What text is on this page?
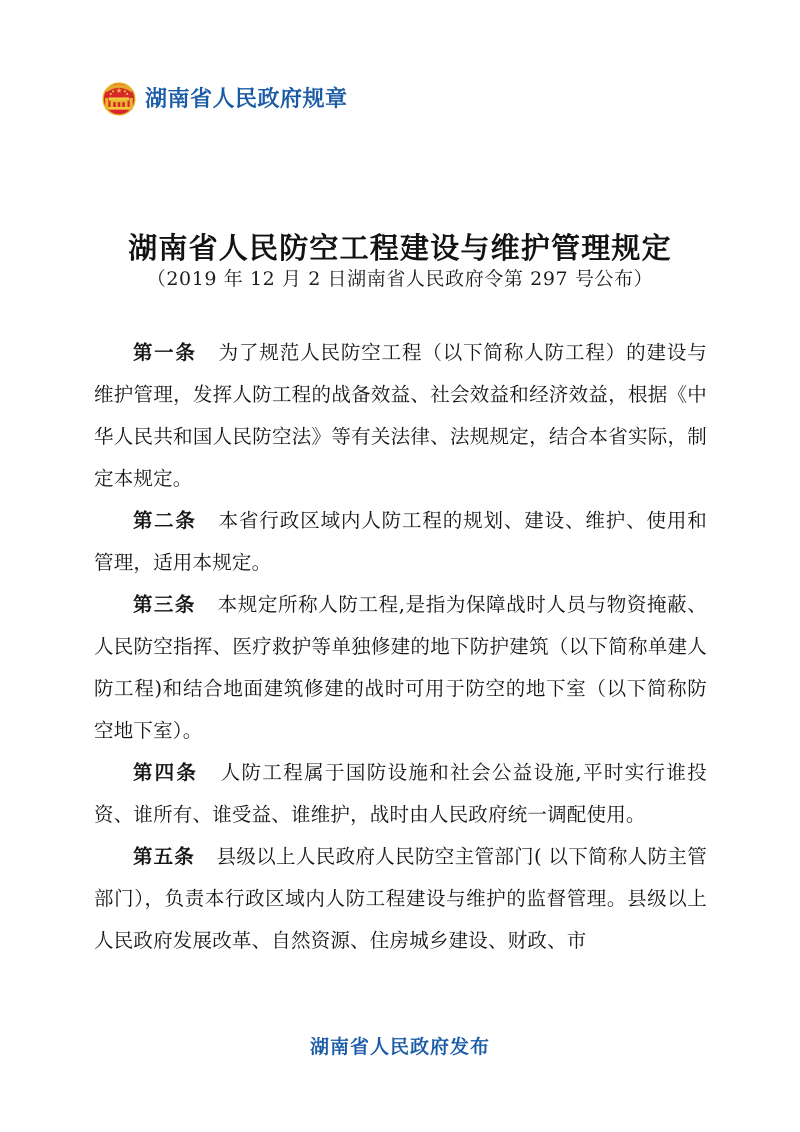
湖南省人民政府规章
湖南省人民防空工程建设与维护管理规定
（2019 年 12 月 2 日湖南省人民政府令第 297 号公布）

第一条 为了规范人民防空工程（以下简称人防工程）的建设与维护管理，发挥人防工程的战备效益、社会效益和经济效益，根据《中华人民共和国人民防空法》等有关法律、法规规定，结合本省实际，制定本规定。

第二条 本省行政区域内人防工程的规划、建设、维护、使用和管理，适用本规定。

第三条 本规定所称人防工程,是指为保障战时人员与物资掩蔽、人民防空指挥、医疗救护等单独修建的地下防护建筑（以下简称单建人防工程)和结合地面建筑修建的战时可用于防空的地下室（以下简称防空地下室）。

第四条 人防工程属于国防设施和社会公益设施,平时实行谁投资、谁所有、谁受益、谁维护，战时由人民政府统一调配使用。

第五条 县级以上人民政府人民防空主管部门( 以下简称人防主管部门），负责本行政区域内人防工程建设与维护的监督管理。县级以上人民政府发展改革、自然资源、住房城乡建设、财政、市

湖南省人民政府发布
